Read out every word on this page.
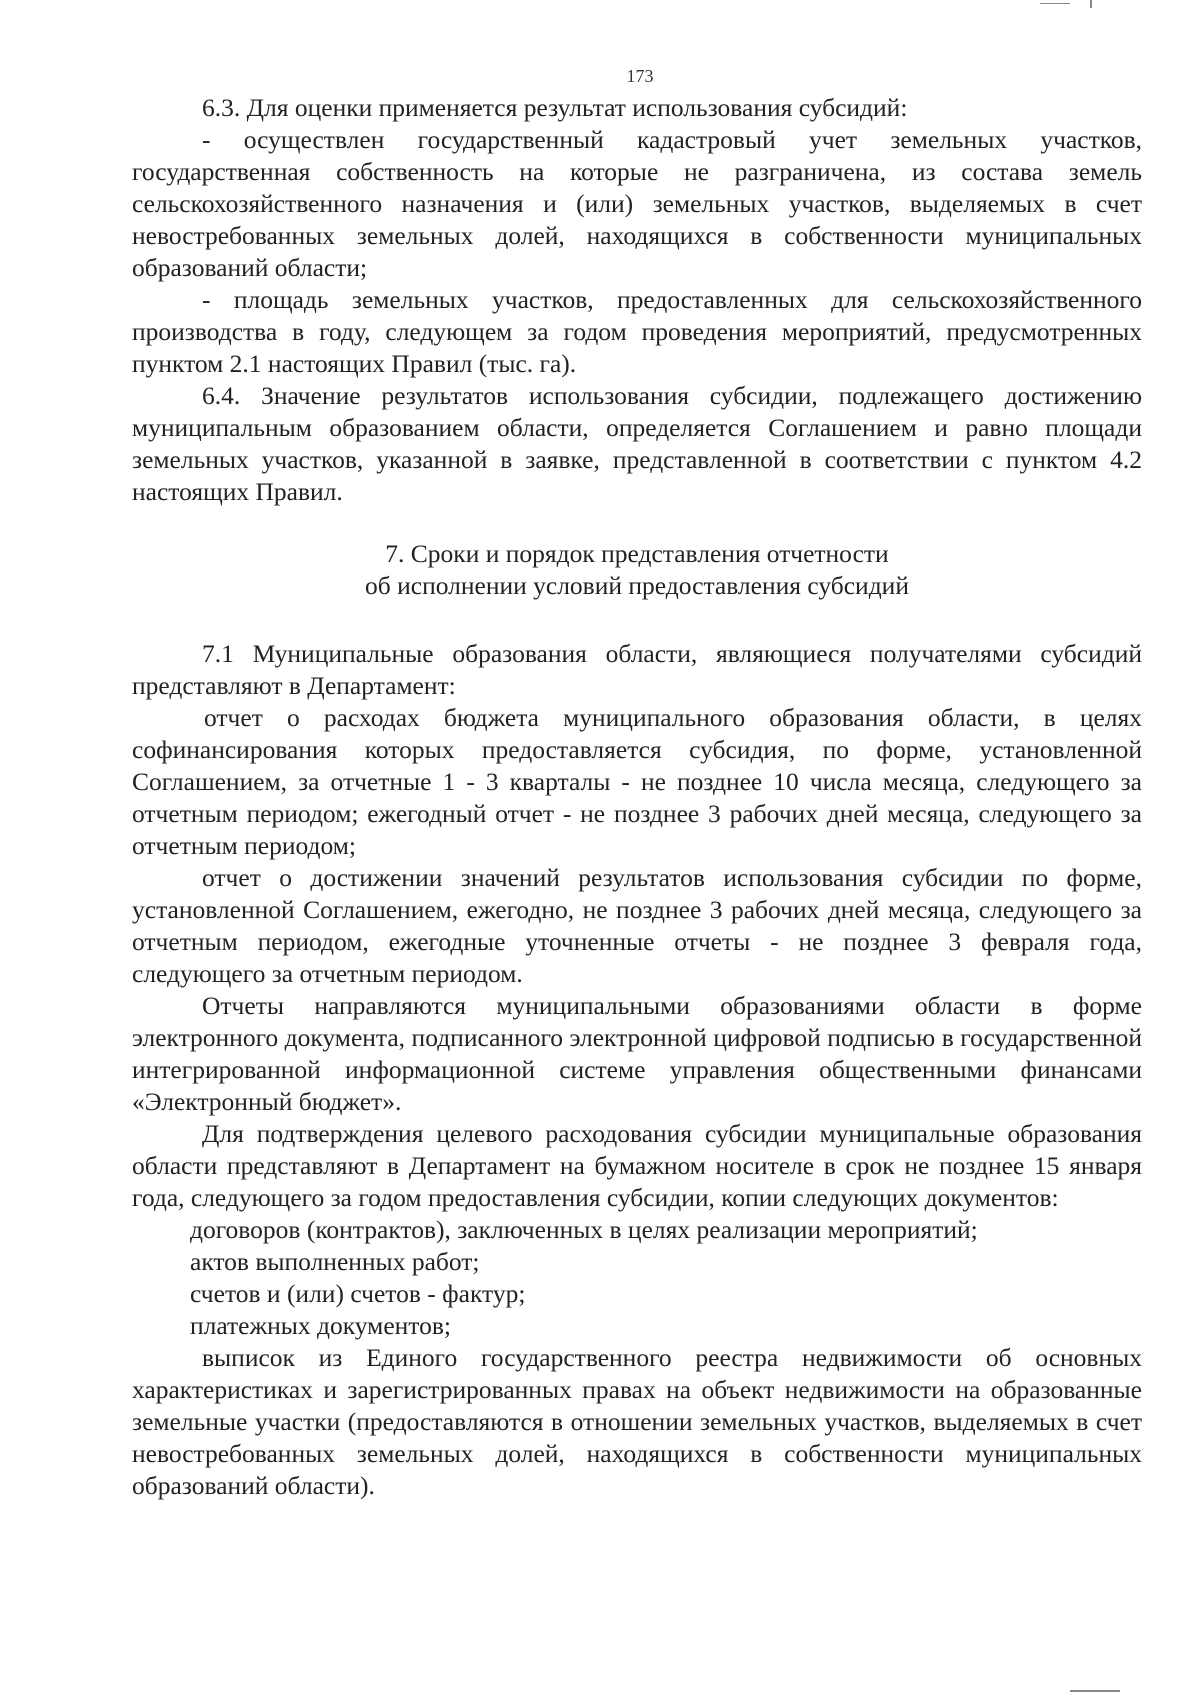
173

6.3. Для оценки применяется результат использования субсидий:

- осуществлен государственный кадастровый учет земельных участков, государственная собственность на которые не разграничена, из состава земель сельскохозяйственного назначения и (или) земельных участков, выделяемых в счет невостребованных земельных долей, находящихся в собственности муниципальных образований области;

- площадь земельных участков, предоставленных для сельскохозяйственного производства в году, следующем за годом проведения мероприятий, предусмотренных пунктом 2.1 настоящих Правил (тыс. га).

6.4. Значение результатов использования субсидии, подлежащего достижению муниципальным образованием области, определяется Соглашением и равно площади земельных участков, указанной в заявке, представленной в соответствии с пунктом 4.2 настоящих Правил.

7. Сроки и порядок представления отчетности
об исполнении условий предоставления субсидий

7.1 Муниципальные образования области, являющиеся получателями субсидий представляют в Департамент:

отчет о расходах бюджета муниципального образования области, в целях софинансирования которых предоставляется субсидия, по форме, установленной Соглашением, за отчетные 1 - 3 кварталы - не позднее 10 числа месяца, следующего за отчетным периодом; ежегодный отчет - не позднее 3 рабочих дней месяца, следующего за отчетным периодом;

отчет о достижении значений результатов использования субсидии по форме, установленной Соглашением, ежегодно, не позднее 3 рабочих дней месяца, следующего за отчетным периодом, ежегодные уточненные отчеты - не позднее 3 февраля года, следующего за отчетным периодом.

Отчеты направляются муниципальными образованиями области в форме электронного документа, подписанного электронной цифровой подписью в государственной интегрированной информационной системе управления общественными финансами «Электронный бюджет».

Для подтверждения целевого расходования субсидии муниципальные образования области представляют в Департамент на бумажном носителе в срок не позднее 15 января года, следующего за годом предоставления субсидии, копии следующих документов:

договоров (контрактов), заключенных в целях реализации мероприятий;

актов выполненных работ;

счетов и (или) счетов - фактур;

платежных документов;

выписок из Единого государственного реестра недвижимости об основных характеристиках и зарегистрированных правах на объект недвижимости на образованные земельные участки (предоставляются в отношении земельных участков, выделяемых в счет невостребованных земельных долей, находящихся в собственности муниципальных образований области).
